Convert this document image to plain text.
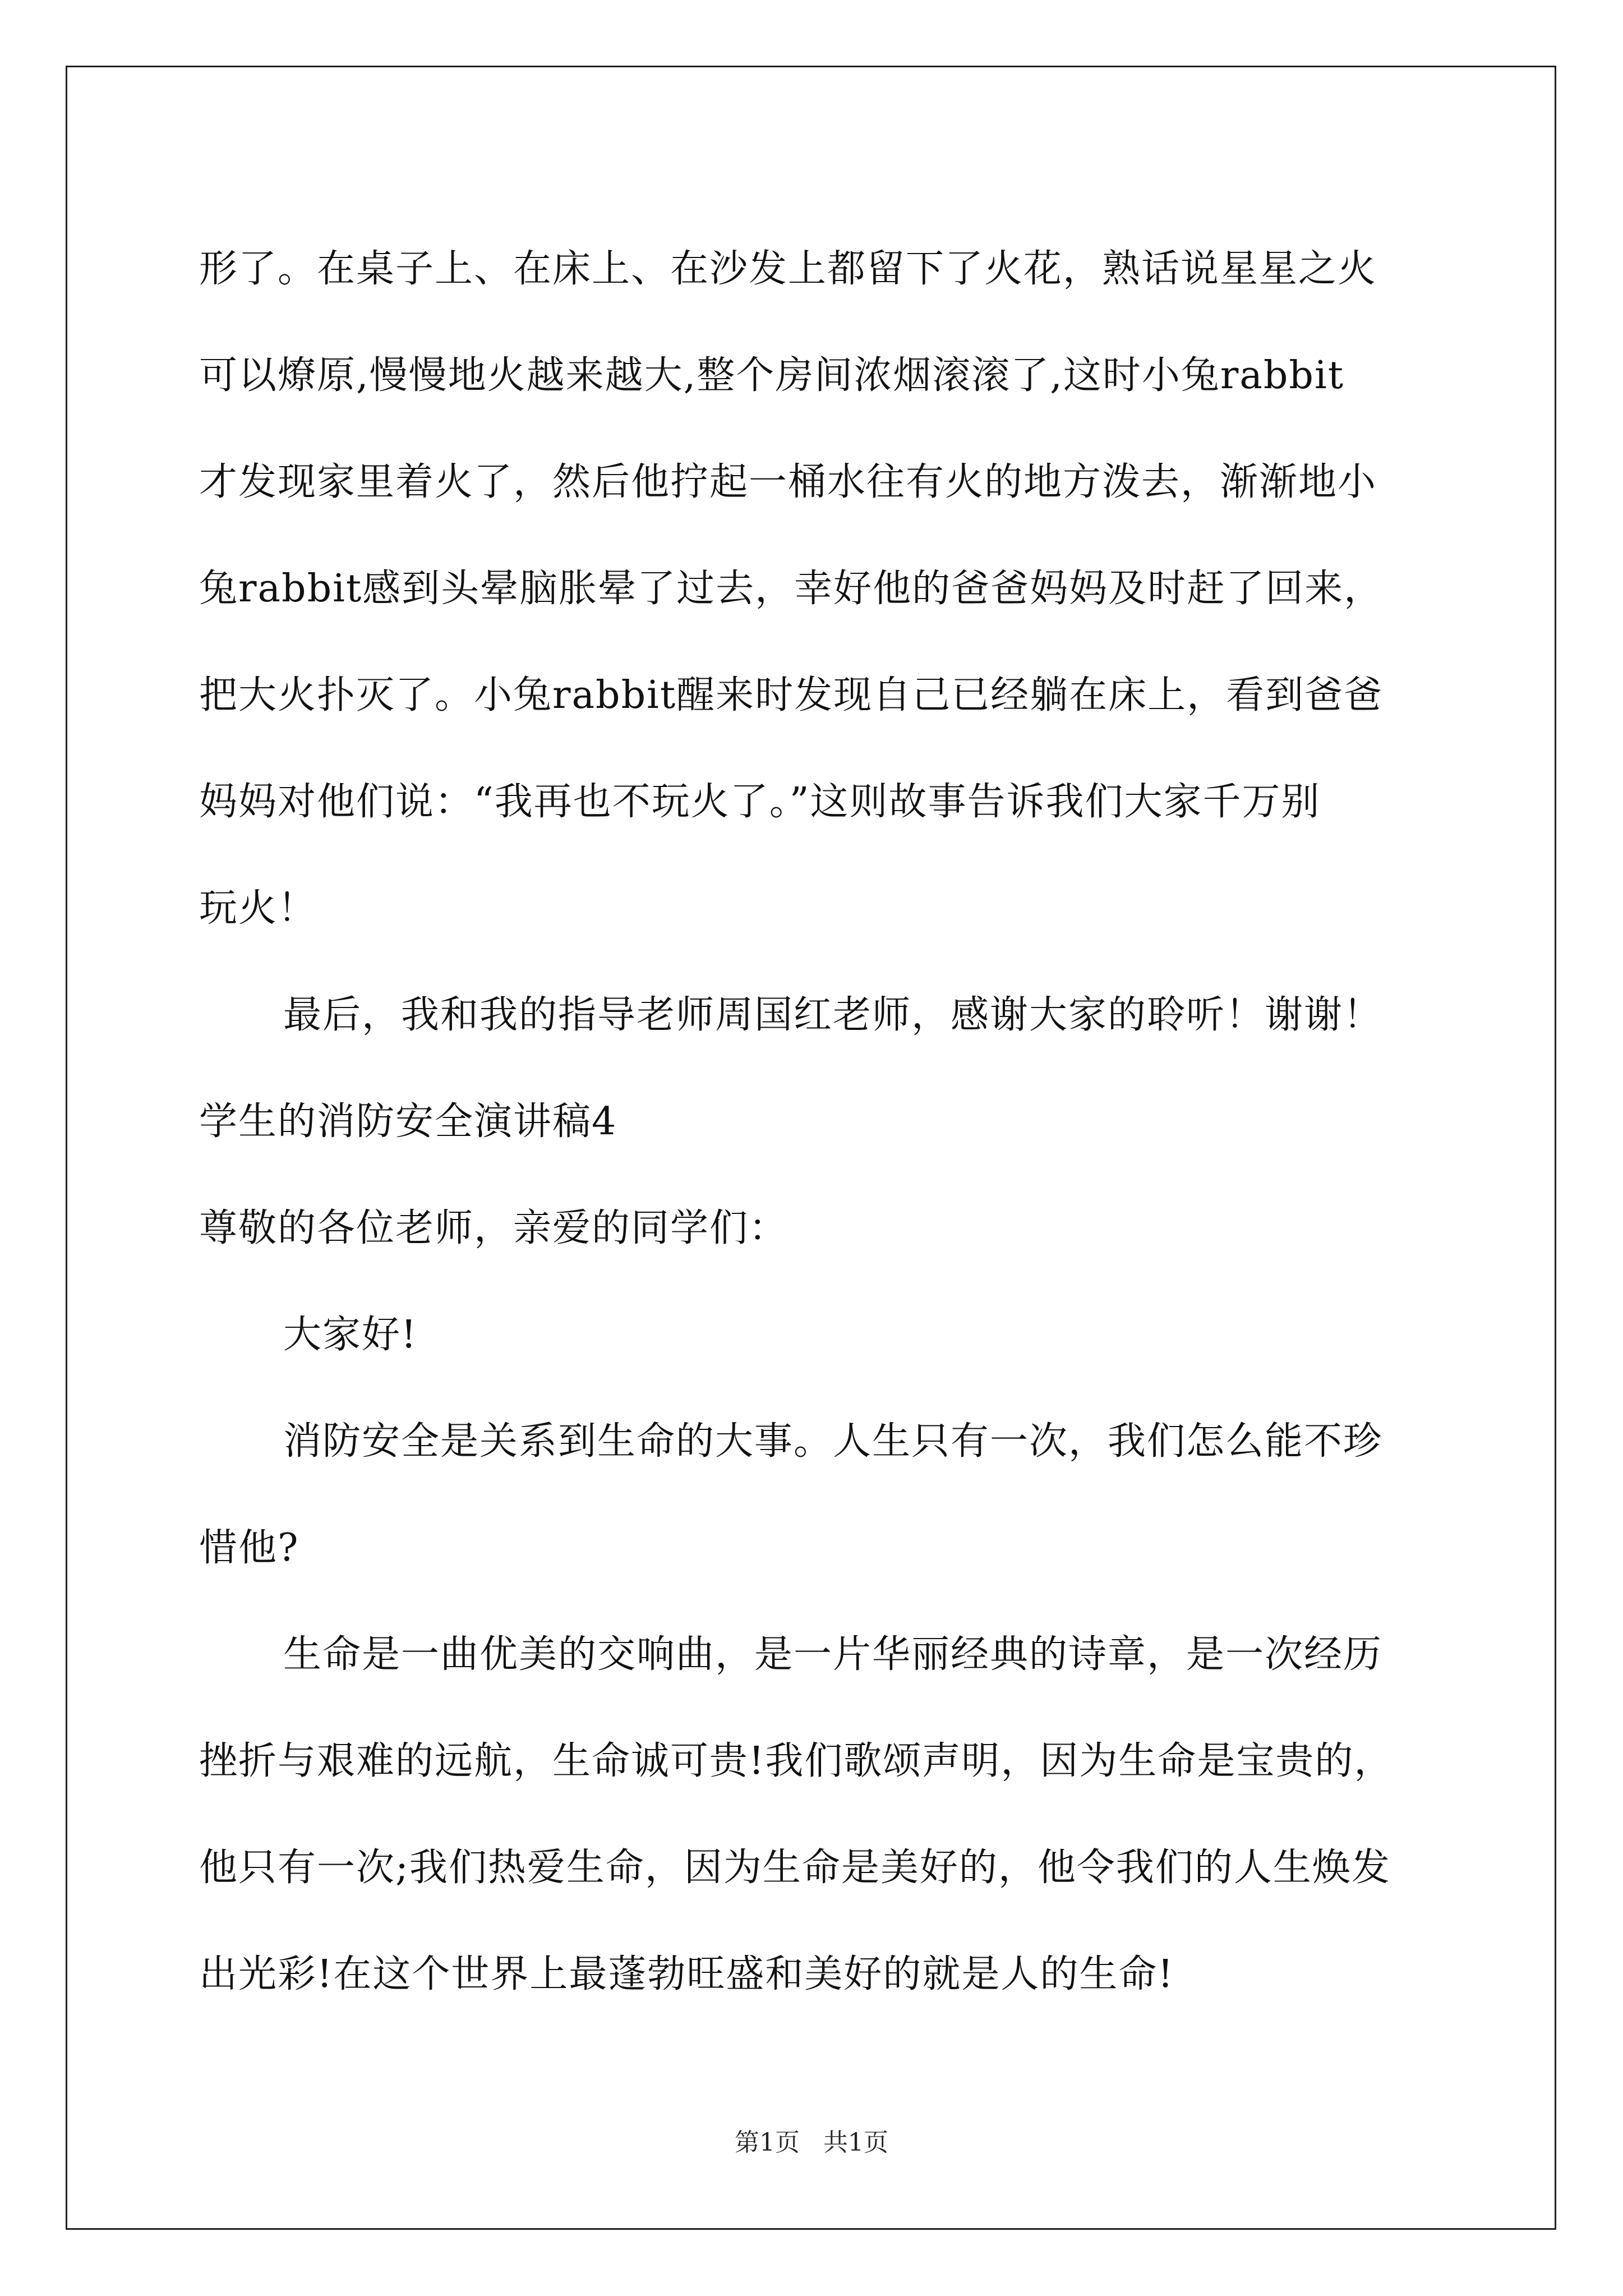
形了。在桌子上、在床上、在沙发上都留下了火花，熟话说星星之火
可以燎原,慢慢地火越来越大,整个房间浓烟滚滚了,这时小兔rabbit
才发现家里着火了，然后他拧起一桶水往有火的地方泼去，渐渐地小
兔rabbit感到头晕脑胀晕了过去，幸好他的爸爸妈妈及时赶了回来，
把大火扑灭了。小兔rabbit醒来时发现自己已经躺在床上，看到爸爸
妈妈对他们说：“我再也不玩火了。”这则故事告诉我们大家千万别
玩火！
最后，我和我的指导老师周国红老师，感谢大家的聆听！谢谢！
学生的消防安全演讲稿4
尊敬的各位老师，亲爱的同学们：
大家好!
消防安全是关系到生命的大事。人生只有一次，我们怎么能不珍
惜他?
生命是一曲优美的交响曲，是一片华丽经典的诗章，是一次经历
挫折与艰难的远航，生命诚可贵!我们歌颂声明，因为生命是宝贵的，
他只有一次;我们热爱生命，因为生命是美好的，他令我们的人生焕发
出光彩!在这个世界上最蓬勃旺盛和美好的就是人的生命!
第1页   共1页
